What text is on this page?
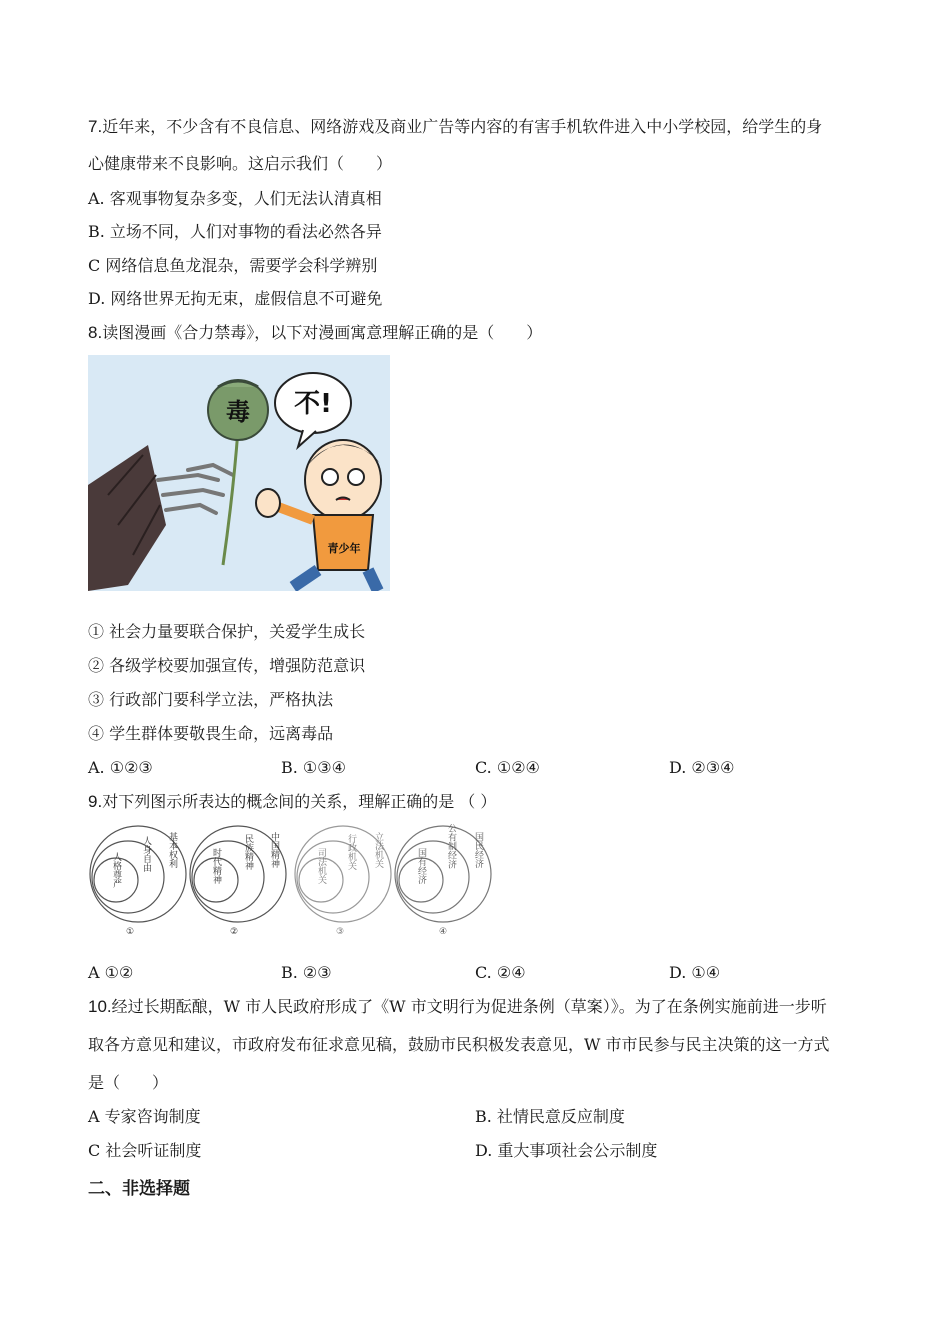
7.近年来，不少含有不良信息、网络游戏及商业广告等内容的有害手机软件进入中小学校园，给学生的身
心健康带来不良影响。这启示我们（　　）
A. 客观事物复杂多变，人们无法认清真相
B. 立场不同，人们对事物的看法必然各异
C 网络信息鱼龙混杂，需要学会科学辨别
D. 网络世界无拘无束，虚假信息不可避免
8.读图漫画《合力禁毒》，以下对漫画寓意理解正确的是（　　）
毒 不!
青少年
① 社会力量要联合保护，关爱学生成长
② 各级学校要加强宣传，增强防范意识
③ 行政部门要科学立法，严格执法
④ 学生群体要敬畏生命，远离毒品
A. ①②③	B. ①③④	C. ①②④	D. ②③④
9.对下列图示所表达的概念间的关系，理解正确的是 （ ）
人格尊严 人身自由 基本权利
①
时代精神 民族精神 中国精神
②
司法机关 行政机关 立法机关
③
国有经济 公有制经济 国民经济
④
A ①②	B. ②③	C. ②④	D. ①④
10.经过长期酝酿，W 市人民政府形成了《W 市文明行为促进条例（草案）》。为了在条例实施前进一步听
取各方意见和建议，市政府发布征求意见稿，鼓励市民积极发表意见，W 市市民参与民主决策的这一方式
是（　　）
A 专家咨询制度	B. 社情民意反应制度
C 社会听证制度	D. 重大事项社会公示制度
二、非选择题
